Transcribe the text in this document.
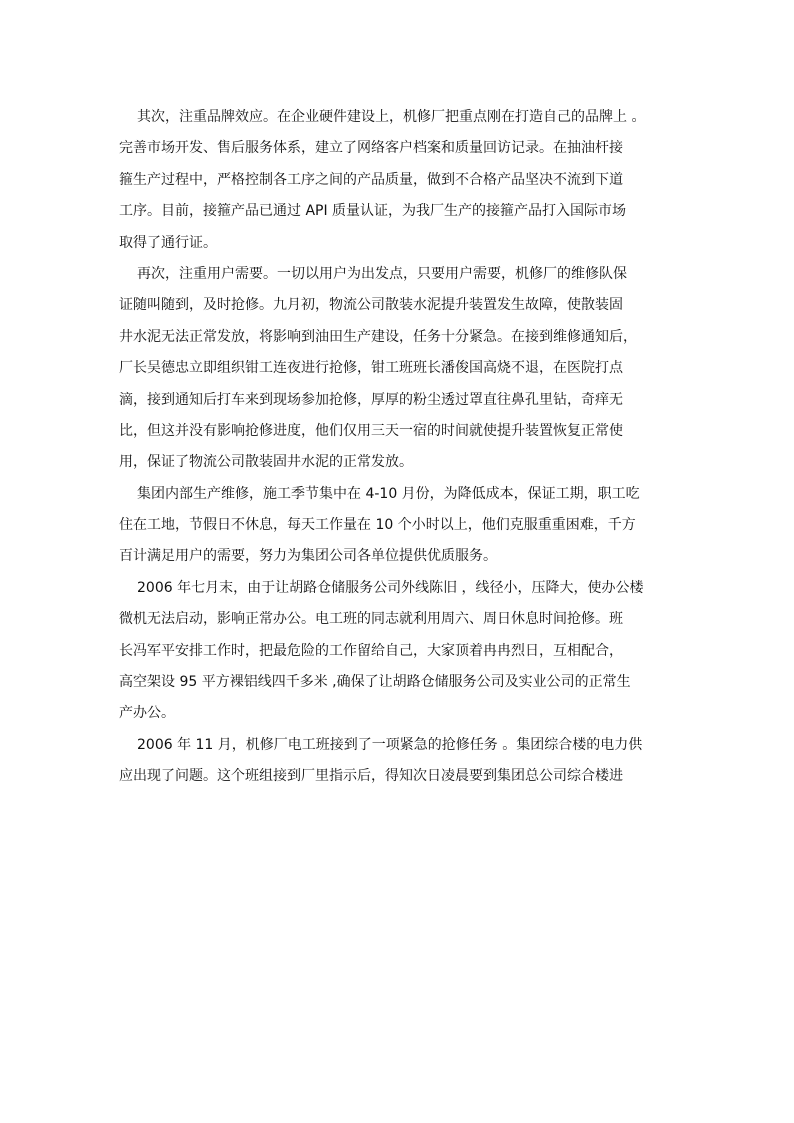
其次，注重品牌效应。在企业硬件建设上，机修厂把重点刚在打造自己的品牌上 。
完善市场开发、售后服务体系，建立了网络客户档案和质量回访记录。在抽油杆接
箍生产过程中，严格控制各工序之间的产品质量，做到不合格产品坚决不流到下道
工序。目前，接箍产品已通过 API 质量认证，为我厂生产的接箍产品打入国际市场
取得了通行证。
再次，注重用户需要。一切以用户为出发点，只要用户需要，机修厂的维修队保
证随叫随到，及时抢修。九月初，物流公司散装水泥提升装置发生故障，使散装固
井水泥无法正常发放，将影响到油田生产建设，任务十分紧急。在接到维修通知后，
厂长吴德忠立即组织钳工连夜进行抢修，钳工班班长潘俊国高烧不退，在医院打点
滴，接到通知后打车来到现场参加抢修，厚厚的粉尘透过罩直往鼻孔里钻，奇痒无
比，但这并没有影响抢修进度，他们仅用三天一宿的时间就使提升装置恢复正常使
用，保证了物流公司散装固井水泥的正常发放。
集团内部生产维修，施工季节集中在 4-10 月份，为降低成本，保证工期，职工吃
住在工地，节假日不休息，每天工作量在 10 个小时以上，他们克服重重困难，千方
百计满足用户的需要，努力为集团公司各单位提供优质服务。
2006 年七月末，由于让胡路仓储服务公司外线陈旧 ，线径小，压降大，使办公楼
微机无法启动，影响正常办公。电工班的同志就利用周六、周日休息时间抢修。班
长冯军平安排工作时，把最危险的工作留给自己，大家顶着冉冉烈日，互相配合，
高空架设 95 平方裸铝线四千多米 ,确保了让胡路仓储服务公司及实业公司的正常生
产办公。
2006 年 11 月，机修厂电工班接到了一项紧急的抢修任务 。集团综合楼的电力供
应出现了问题。这个班组接到厂里指示后，得知次日凌晨要到集团总公司综合楼进
